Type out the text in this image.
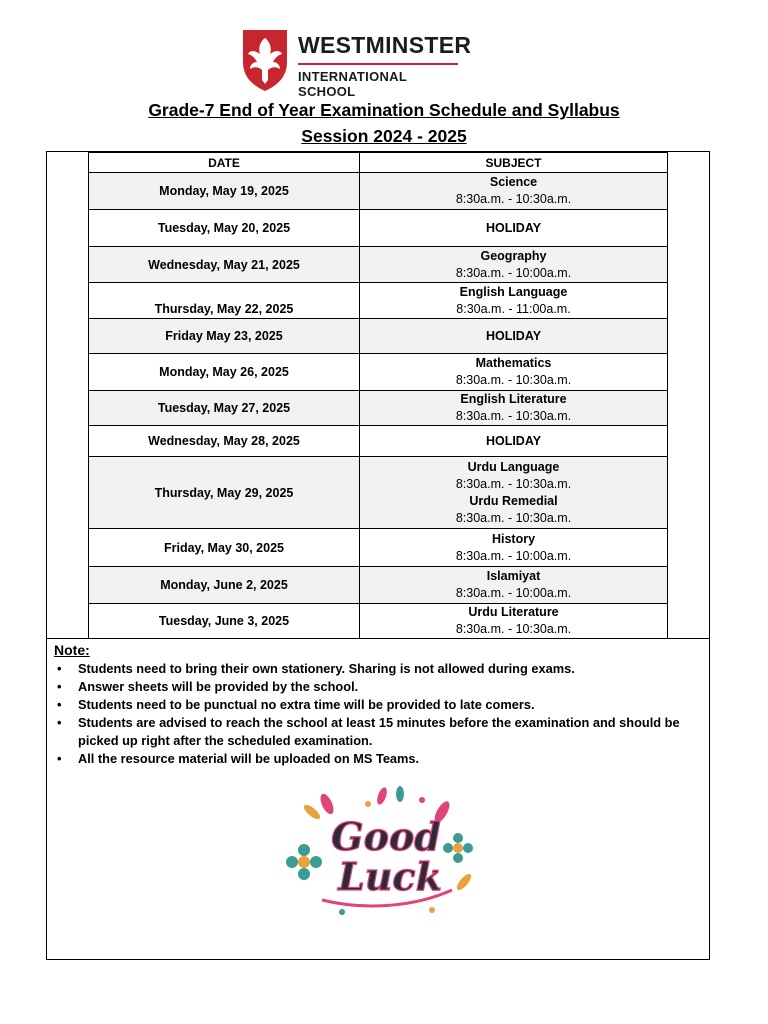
WESTMINSTER
INTERNATIONAL SCHOOL
Grade-7 End of Year Examination Schedule and Syllabus
Session 2024 - 2025
DATE	SUBJECT
Monday, May 19, 2025	Science
8:30a.m. - 10:30a.m.

Tuesday, May 20, 2025	HOLIDAY

Wednesday, May 21, 2025	Geography
8:30a.m. - 10:00a.m.

Thursday, May 22, 2025	English Language
8:30a.m. - 11:00a.m.

Friday May 23, 2025	HOLIDAY

Monday, May 26, 2025	Mathematics
8:30a.m. - 10:30a.m.

Tuesday, May 27, 2025	English Literature
8:30a.m. - 10:30a.m.

Wednesday, May 28, 2025	HOLIDAY

Thursday, May 29, 2025	Urdu Language
8:30a.m. - 10:30a.m.
Urdu Remedial
8:30a.m. - 10:30a.m.

Friday, May 30, 2025	History
8:30a.m. - 10:00a.m.

Monday, June 2, 2025	Islamiyat
8:30a.m. - 10:00a.m.

Tuesday, June 3, 2025	Urdu Literature
8:30a.m. - 10:30a.m.
Note:
• Students need to bring their own stationery. Sharing is not allowed during exams.
• Answer sheets will be provided by the school.
• Students need to be punctual no extra time will be provided to late comers.
• Students are advised to reach the school at least 15 minutes before the examination and should be picked up right after the scheduled examination.
• All the resource material will be uploaded on MS Teams.
Good
Luck
